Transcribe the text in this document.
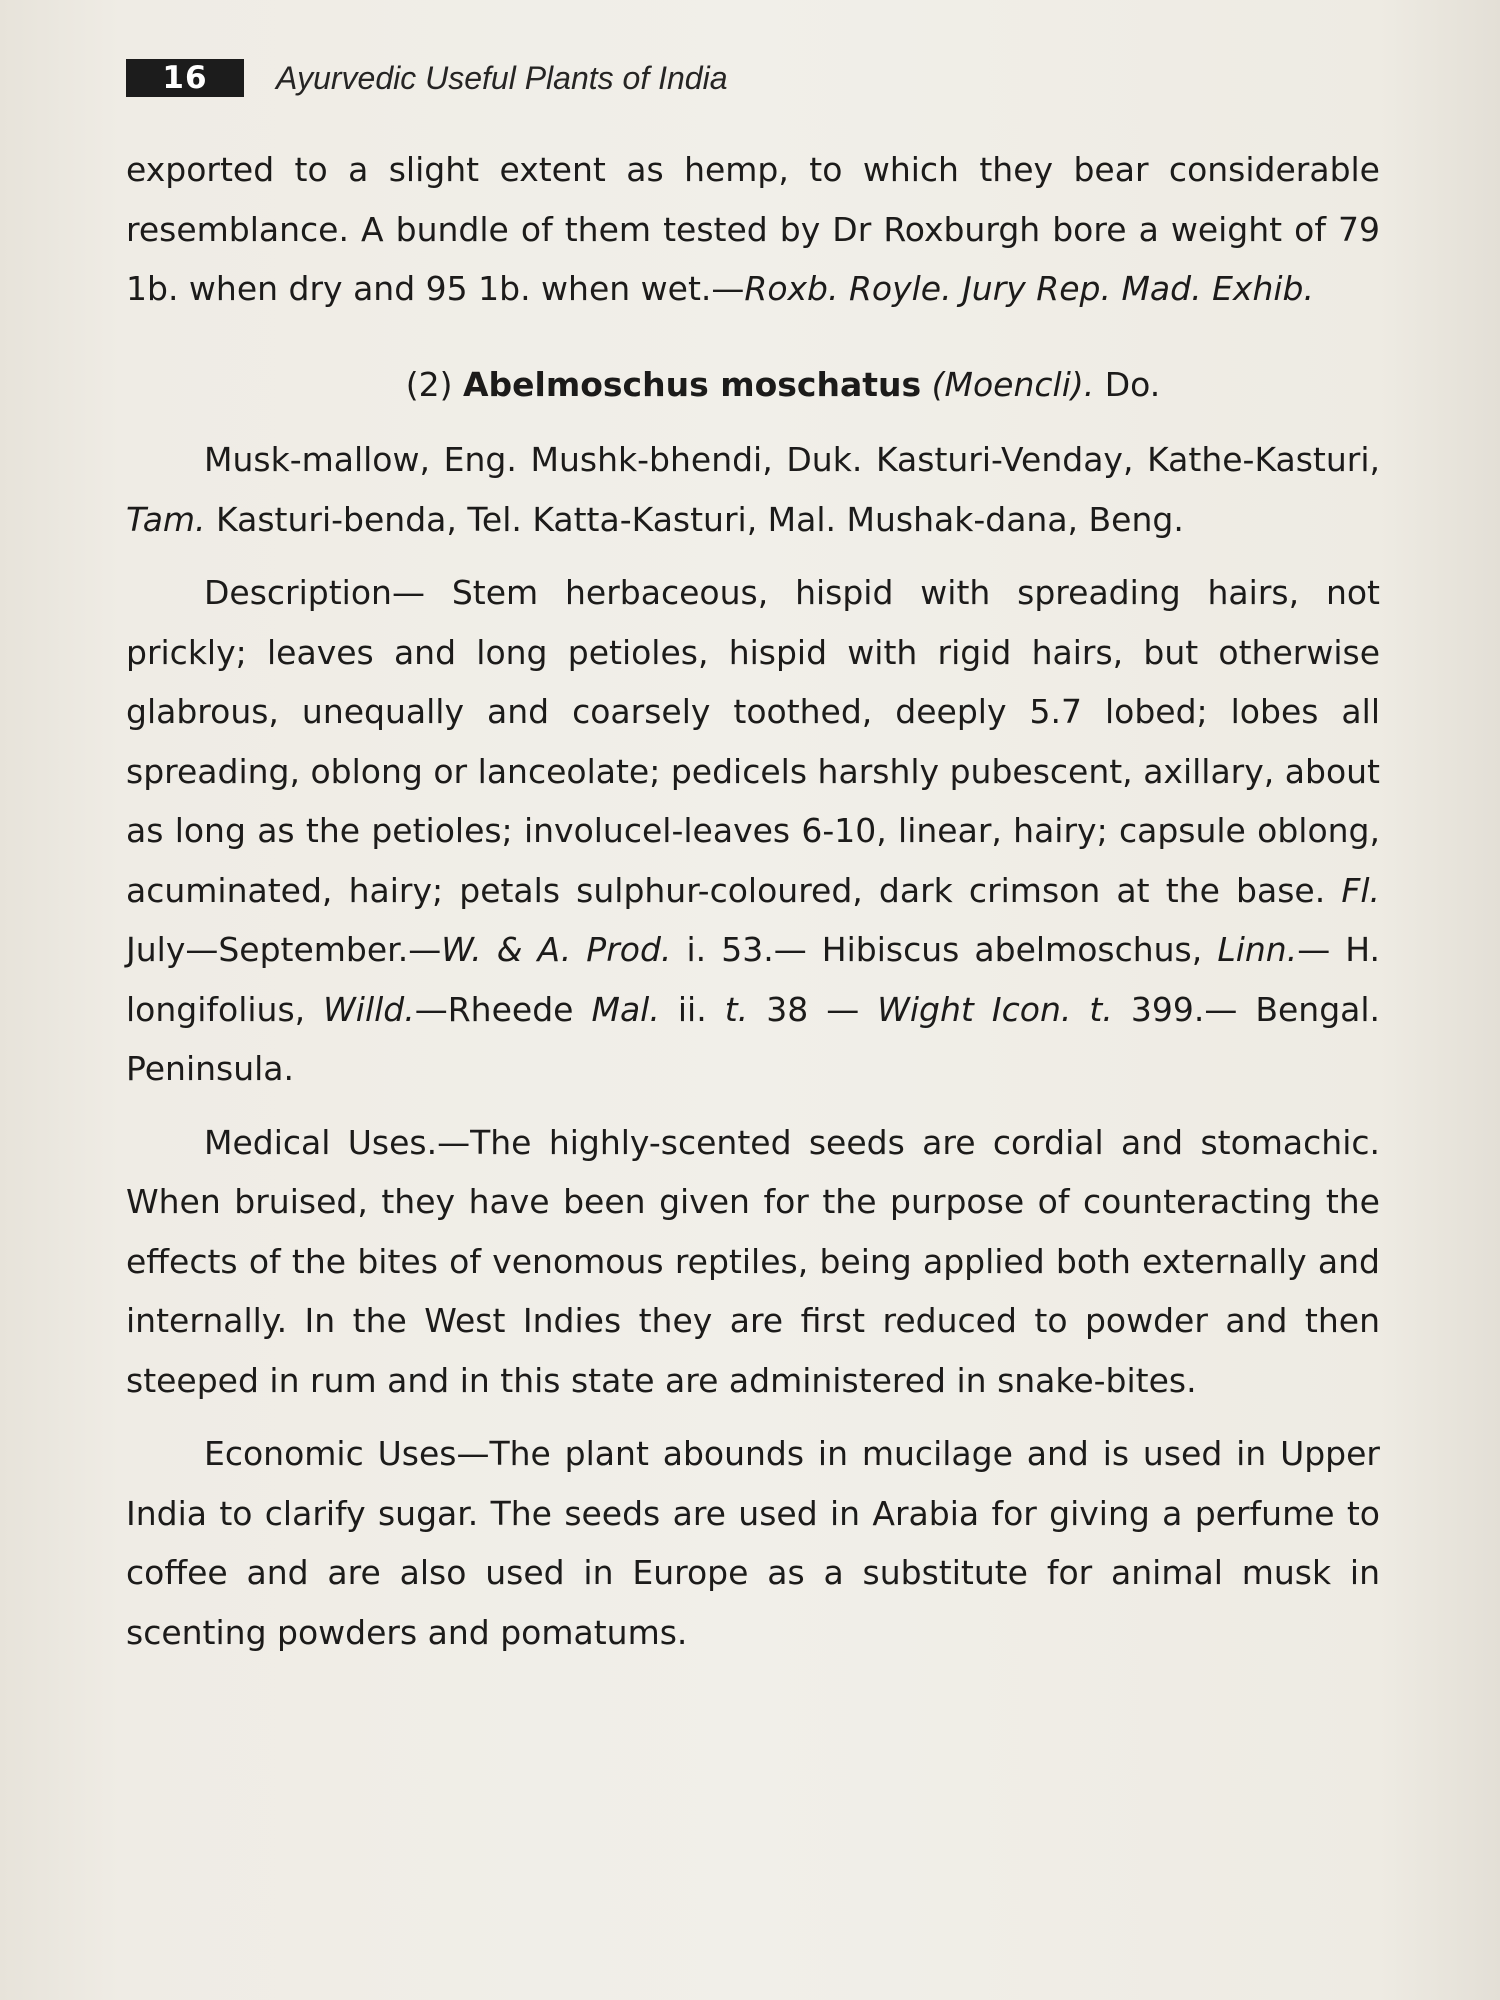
16	Ayurvedic Useful Plants of India

exported to a slight extent as hemp, to which they bear considerable resemblance. A bundle of them tested by Dr Roxburgh bore a weight of 79 1b. when dry and 95 1b. when wet.—Roxb. Royle. Jury Rep. Mad. Exhib.

(2) Abelmoschus moschatus (Moencli). Do.

Musk-mallow, Eng. Mushk-bhendi, Duk. Kasturi-Venday, Kathe-Kasturi, Tam. Kasturi-benda, Tel. Katta-Kasturi, Mal. Mushak-dana, Beng.

Description— Stem herbaceous, hispid with spreading hairs, not prickly; leaves and long petioles, hispid with rigid hairs, but otherwise glabrous, unequally and coarsely toothed, deeply 5.7 lobed; lobes all spreading, oblong or lanceolate; pedicels harshly pubescent, axillary, about as long as the petioles; involucel-leaves 6-10, linear, hairy; capsule oblong, acuminated, hairy; petals sulphur-coloured, dark crimson at the base. Fl. July—September.—W. & A. Prod. i. 53.— Hibiscus abelmoschus, Linn.— H. longifolius, Willd.—Rheede Mal. ii. t. 38 — Wight Icon. t. 399.— Bengal. Peninsula.

Medical Uses.—The highly-scented seeds are cordial and stomachic. When bruised, they have been given for the purpose of counteracting the effects of the bites of venomous reptiles, being applied both externally and internally. In the West Indies they are first reduced to powder and then steeped in rum and in this state are administered in snake-bites.

Economic Uses—The plant abounds in mucilage and is used in Upper India to clarify sugar. The seeds are used in Arabia for giving a perfume to coffee and are also used in Europe as a substitute for animal musk in scenting powders and pomatums.
